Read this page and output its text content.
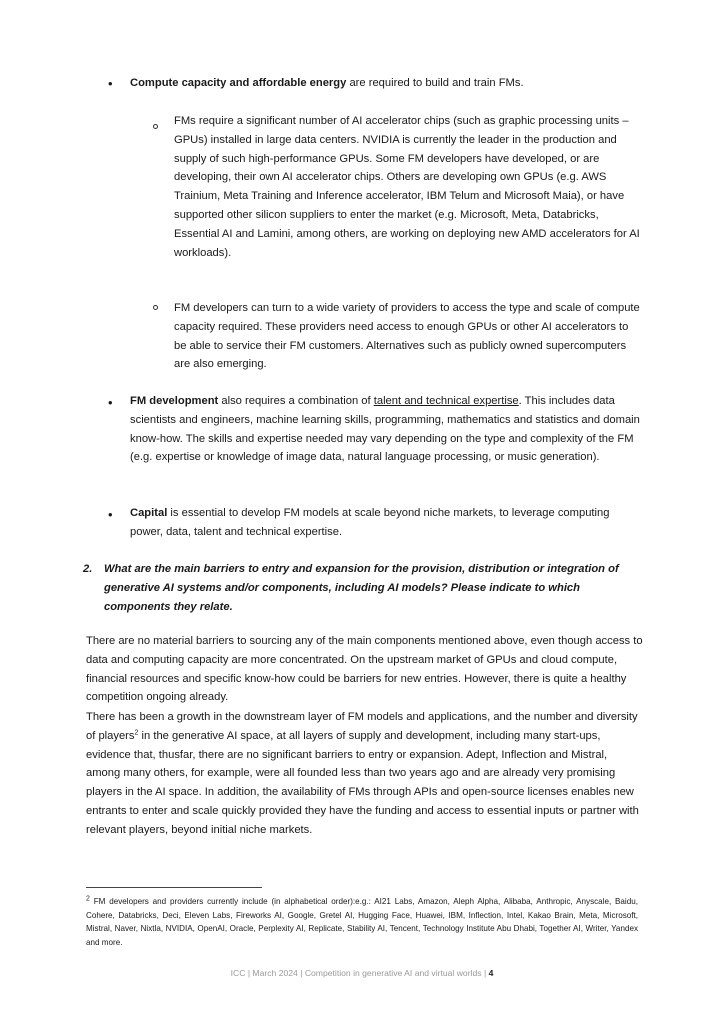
• Compute capacity and affordable energy are required to build and train FMs.

FMs require a significant number of AI accelerator chips (such as graphic processing units – GPUs) installed in large data centers. NVIDIA is currently the leader in the production and supply of such high-performance GPUs. Some FM developers have developed, or are developing, their own AI accelerator chips. Others are developing own GPUs (e.g. AWS Trainium, Meta Training and Inference accelerator, IBM Telum and Microsoft Maia), or have supported other silicon suppliers to enter the market (e.g. Microsoft, Meta, Databricks, Essential AI and Lamini, among others, are working on deploying new AMD accelerators for AI workloads).

FM developers can turn to a wide variety of providers to access the type and scale of compute capacity required. These providers need access to enough GPUs or other AI accelerators to be able to service their FM customers. Alternatives such as publicly owned supercomputers are also emerging.

• FM development also requires a combination of talent and technical expertise. This includes data scientists and engineers, machine learning skills, programming, mathematics and statistics and domain know-how. The skills and expertise needed may vary depending on the type and complexity of the FM (e.g. expertise or knowledge of image data, natural language processing, or music generation).

• Capital is essential to develop FM models at scale beyond niche markets, to leverage computing power, data, talent and technical expertise.

2. What are the main barriers to entry and expansion for the provision, distribution or integration of generative AI systems and/or components, including AI models? Please indicate to which components they relate.

There are no material barriers to sourcing any of the main components mentioned above, even though access to data and computing capacity are more concentrated. On the upstream market of GPUs and cloud compute, financial resources and specific know-how could be barriers for new entries. However, there is quite a healthy competition ongoing already.

There has been a growth in the downstream layer of FM models and applications, and the number and diversity of players$^2$ in the generative AI space, at all layers of supply and development, including many start-ups, evidence that, thusfar, there are no significant barriers to entry or expansion. Adept, Inflection and Mistral, among many others, for example, were all founded less than two years ago and are already very promising players in the AI space. In addition, the availability of FMs through APIs and open-source licenses enables new entrants to enter and scale quickly provided they have the funding and access to essential inputs or partner with relevant players, beyond initial niche markets.

$^2$ FM developers and providers currently include (in alphabetical order):e.g.: AI21 Labs, Amazon, Aleph Alpha, Alibaba, Anthropic, Anyscale, Baidu, Cohere, Databricks, Deci, Eleven Labs, Fireworks AI, Google, Gretel AI, Hugging Face, Huawei, IBM, Inflection, Intel, Kakao Brain, Meta, Microsoft, Mistral, Naver, Nixtla, NVIDIA, OpenAI, Oracle, Perplexity AI, Replicate, Stability AI, Tencent, Technology Institute Abu Dhabi, Together AI, Writer, Yandex and more.

ICC | March 2024 | Competition in generative AI and virtual worlds | 4
